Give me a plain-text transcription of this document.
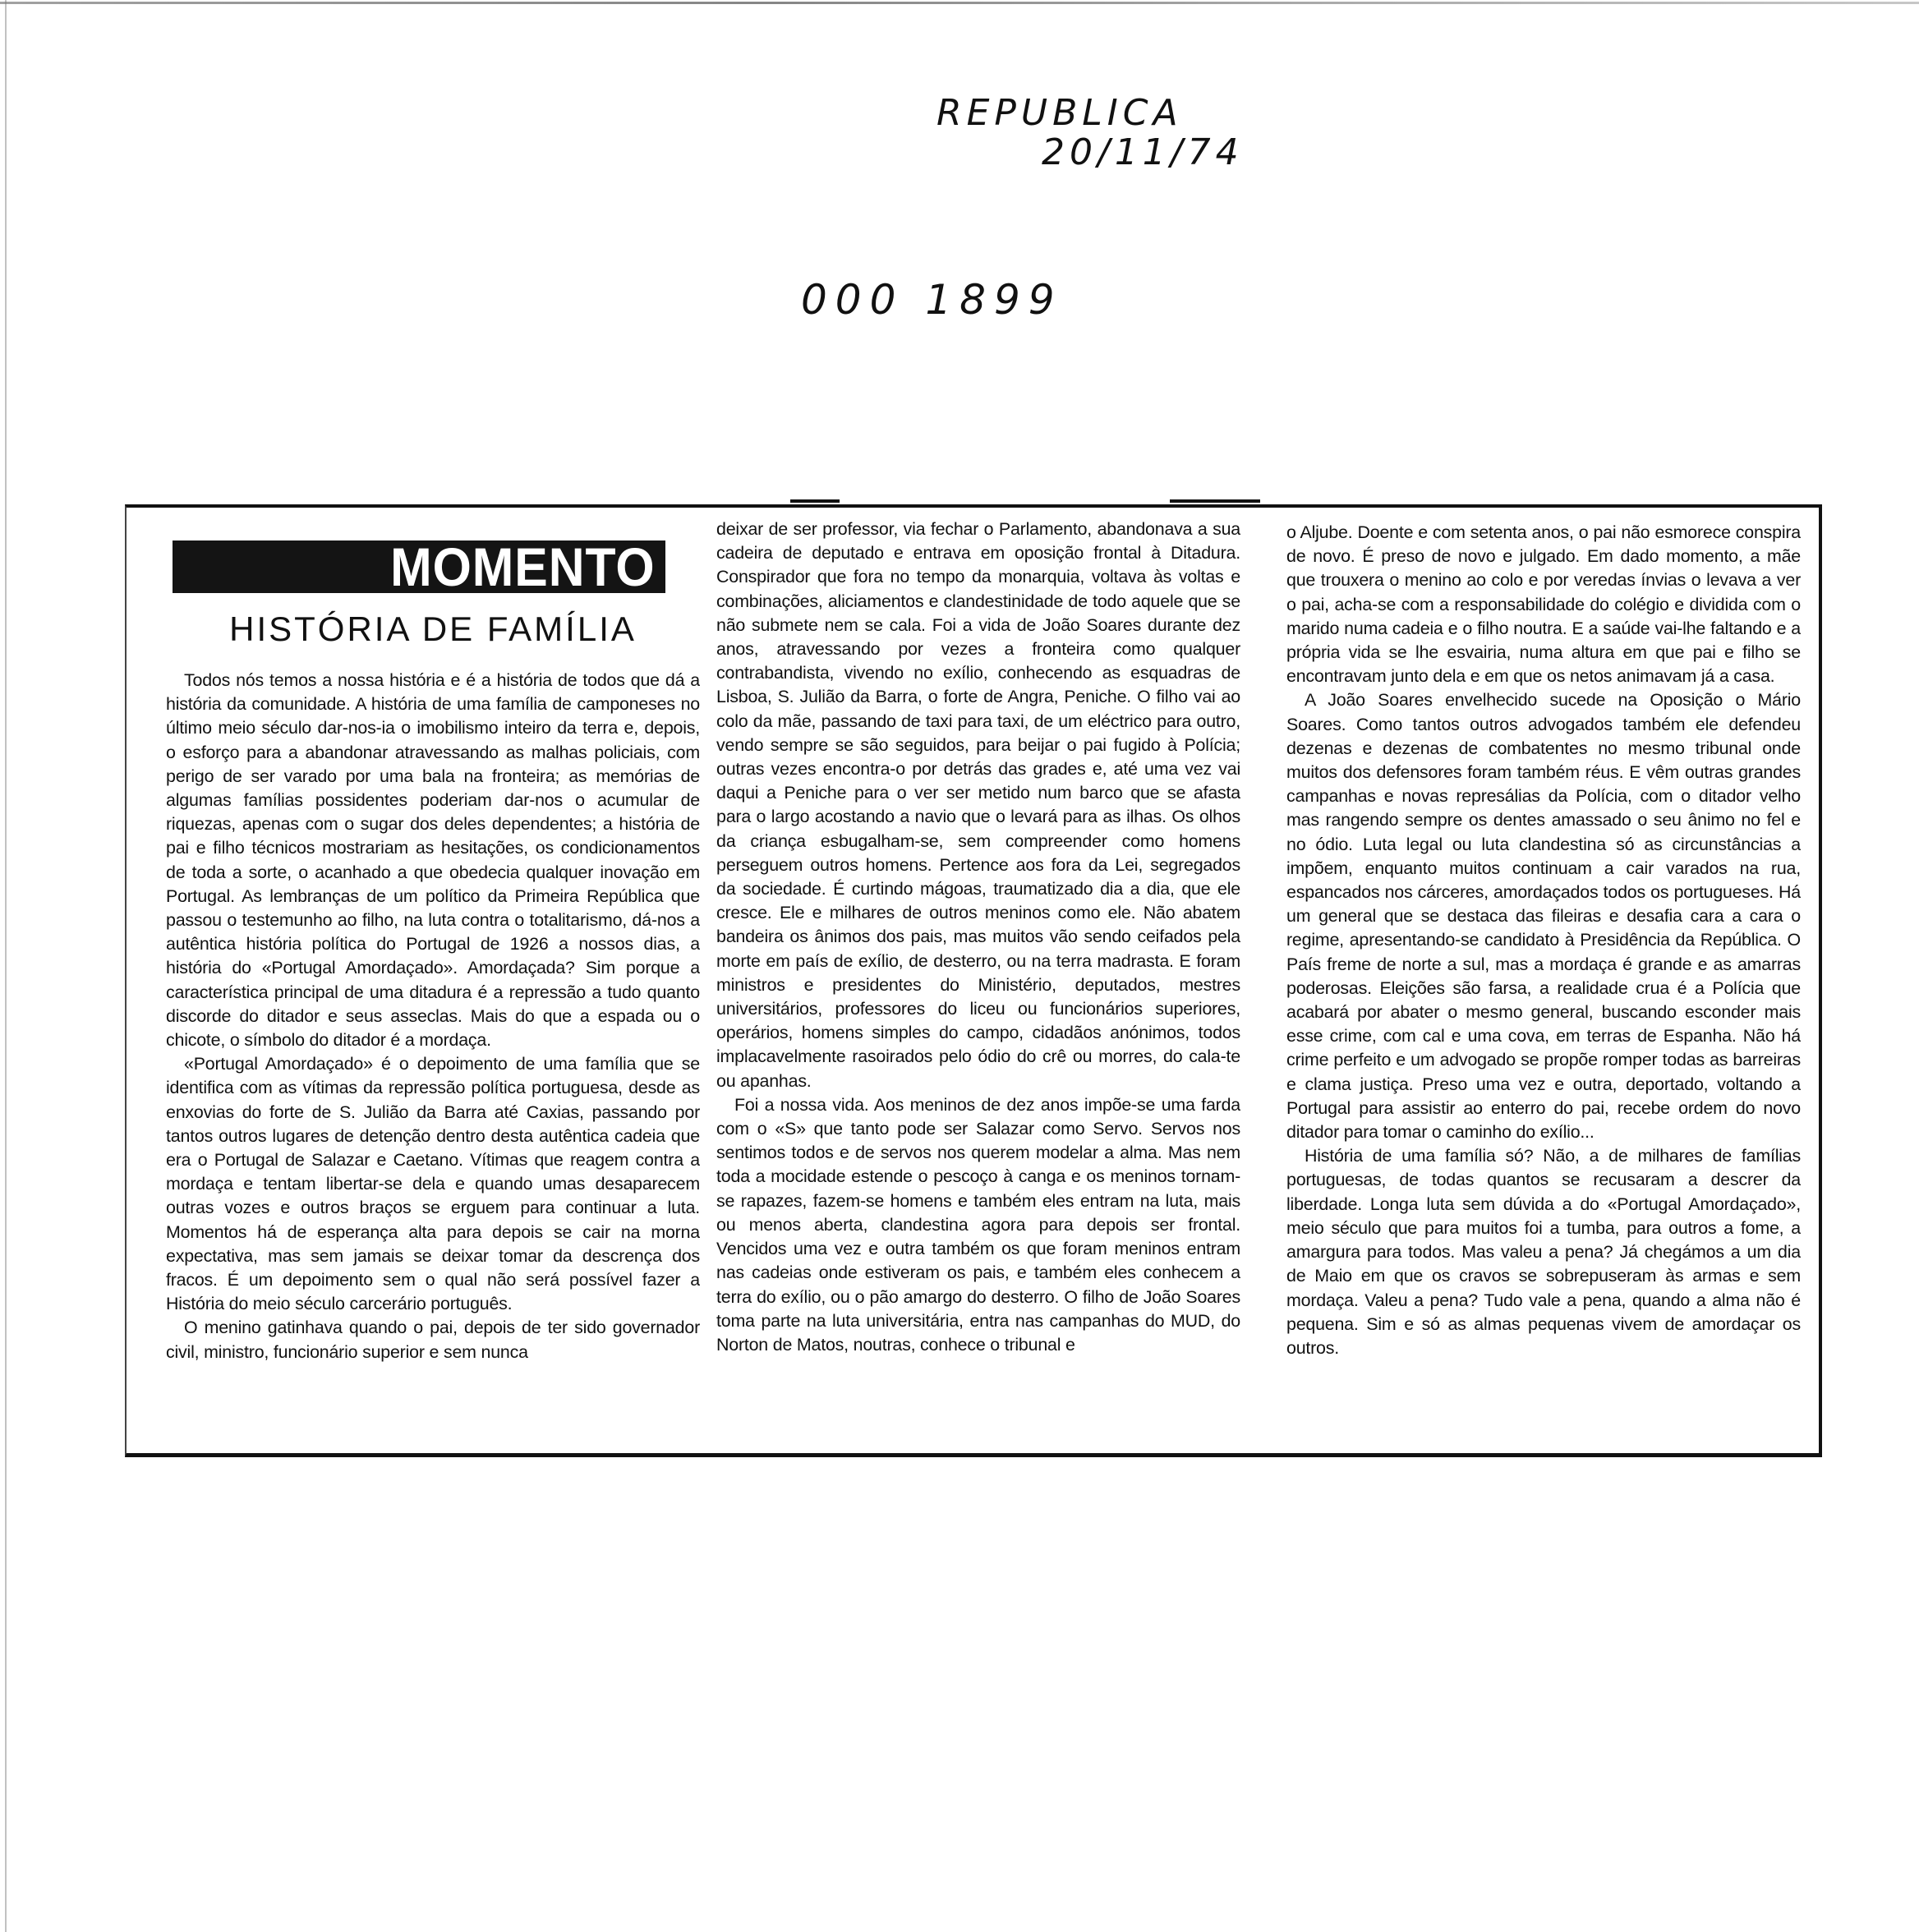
REPUBLICA
20/11/74
000 1899
MOMENTO
HISTÓRIA DE FAMÍLIA

Todos nós temos a nossa história e é a história de todos que dá a história da comunidade. A história de uma família de camponeses no último meio século dar-nos-ia o imobilismo inteiro da terra e, depois, o esforço para a abandonar atravessando as malhas policiais, com perigo de ser varado por uma bala na fronteira; as memórias de algumas famílias possidentes poderiam dar-nos o acumular de riquezas, apenas com o sugar dos deles dependentes; a história de pai e filho técnicos mostrariam as hesitações, os condicionamentos de toda a sorte, o acanhado a que obedecia qualquer inovação em Portugal. As lembranças de um político da Primeira República que passou o testemunho ao filho, na luta contra o totalitarismo, dá-nos a autêntica história política do Portugal de 1926 a nossos dias, a história do «Portugal Amordaçado». Amordaçada? Sim porque a característica principal de uma ditadura é a repressão a tudo quanto discorde do ditador e seus asseclas. Mais do que a espada ou o chicote, o símbolo do ditador é a mordaça.

«Portugal Amordaçado» é o depoimento de uma família que se identifica com as vítimas da repressão política portuguesa, desde as enxovias do forte de S. Julião da Barra até Caxias, passando por tantos outros lugares de detenção dentro desta autêntica cadeia que era o Portugal de Salazar e Caetano. Vítimas que reagem contra a mordaça e tentam libertar-se dela e quando umas desaparecem outras vozes e outros braços se erguem para continuar a luta. Momentos há de esperança alta para depois se cair na morna expectativa, mas sem jamais se deixar tomar da descrença dos fracos. É um depoimento sem o qual não será possível fazer a História do meio século carcerário português.

O menino gatinhava quando o pai, depois de ter sido governador civil, ministro, funcionário superior e sem nunca

deixar de ser professor, via fechar o Parlamento, abandonava a sua cadeira de deputado e entrava em oposição frontal à Ditadura. Conspirador que fora no tempo da monarquia, voltava às voltas e combinações, aliciamentos e clandestinidade de todo aquele que se não submete nem se cala. Foi a vida de João Soares durante dez anos, atravessando por vezes a fronteira como qualquer contrabandista, vivendo no exílio, conhecendo as esquadras de Lisboa, S. Julião da Barra, o forte de Angra, Peniche. O filho vai ao colo da mãe, passando de taxi para taxi, de um eléctrico para outro, vendo sempre se são seguidos, para beijar o pai fugido à Polícia; outras vezes encontra-o por detrás das grades e, até uma vez vai daqui a Peniche para o ver ser metido num barco que se afasta para o largo acostando a navio que o levará para as ilhas. Os olhos da criança esbugalham-se, sem compreender como homens perseguem outros homens. Pertence aos fora da Lei, segregados da sociedade. É curtindo mágoas, traumatizado dia a dia, que ele cresce. Ele e milhares de outros meninos como ele. Não abatem bandeira os ânimos dos pais, mas muitos vão sendo ceifados pela morte em país de exílio, de desterro, ou na terra madrasta. E foram ministros e presidentes do Ministério, deputados, mestres universitários, professores do liceu ou funcionários superiores, operários, homens simples do campo, cidadãos anónimos, todos implacavelmente rasoirados pelo ódio do crê ou morres, do cala-te ou apanhas.

Foi a nossa vida. Aos meninos de dez anos impõe-se uma farda com o «S» que tanto pode ser Salazar como Servo. Servos nos sentimos todos e de servos nos querem modelar a alma. Mas nem toda a mocidade estende o pescoço à canga e os meninos tornam-se rapazes, fazem-se homens e também eles entram na luta, mais ou menos aberta, clandestina agora para depois ser frontal. Vencidos uma vez e outra também os que foram meninos entram nas cadeias onde estiveram os pais, e também eles conhecem a terra do exílio, ou o pão amargo do desterro. O filho de João Soares toma parte na luta universitária, entra nas campanhas do MUD, do Norton de Matos, noutras, conhece o tribunal e

o Aljube. Doente e com setenta anos, o pai não esmorece conspira de novo. É preso de novo e julgado. Em dado momento, a mãe que trouxera o menino ao colo e por veredas ínvias o levava a ver o pai, acha-se com a responsabilidade do colégio e dividida com o marido numa cadeia e o filho noutra. E a saúde vai-lhe faltando e a própria vida se lhe esvairia, numa altura em que pai e filho se encontravam junto dela e em que os netos animavam já a casa.

A João Soares envelhecido sucede na Oposição o Mário Soares. Como tantos outros advogados também ele defendeu dezenas e dezenas de combatentes no mesmo tribunal onde muitos dos defensores foram também réus. E vêm outras grandes campanhas e novas represálias da Polícia, com o ditador velho mas rangendo sempre os dentes amassado o seu ânimo no fel e no ódio. Luta legal ou luta clandestina só as circunstâncias a impõem, enquanto muitos continuam a cair varados na rua, espancados nos cárceres, amordaçados todos os portugueses. Há um general que se destaca das fileiras e desafia cara a cara o regime, apresentando-se candidato à Presidência da República. O País freme de norte a sul, mas a mordaça é grande e as amarras poderosas. Eleições são farsa, a realidade crua é a Polícia que acabará por abater o mesmo general, buscando esconder mais esse crime, com cal e uma cova, em terras de Espanha. Não há crime perfeito e um advogado se propõe romper todas as barreiras e clama justiça. Preso uma vez e outra, deportado, voltando a Portugal para assistir ao enterro do pai, recebe ordem do novo ditador para tomar o caminho do exílio...

História de uma família só? Não, a de milhares de famílias portuguesas, de todas quantos se recusaram a descrer da liberdade. Longa luta sem dúvida a do «Portugal Amordaçado», meio século que para muitos foi a tumba, para outros a fome, a amargura para todos. Mas valeu a pena? Já chegámos a um dia de Maio em que os cravos se sobrepuseram às armas e sem mordaça. Valeu a pena? Tudo vale a pena, quando a alma não é pequena. Sim e só as almas pequenas vivem de amordaçar os outros.
